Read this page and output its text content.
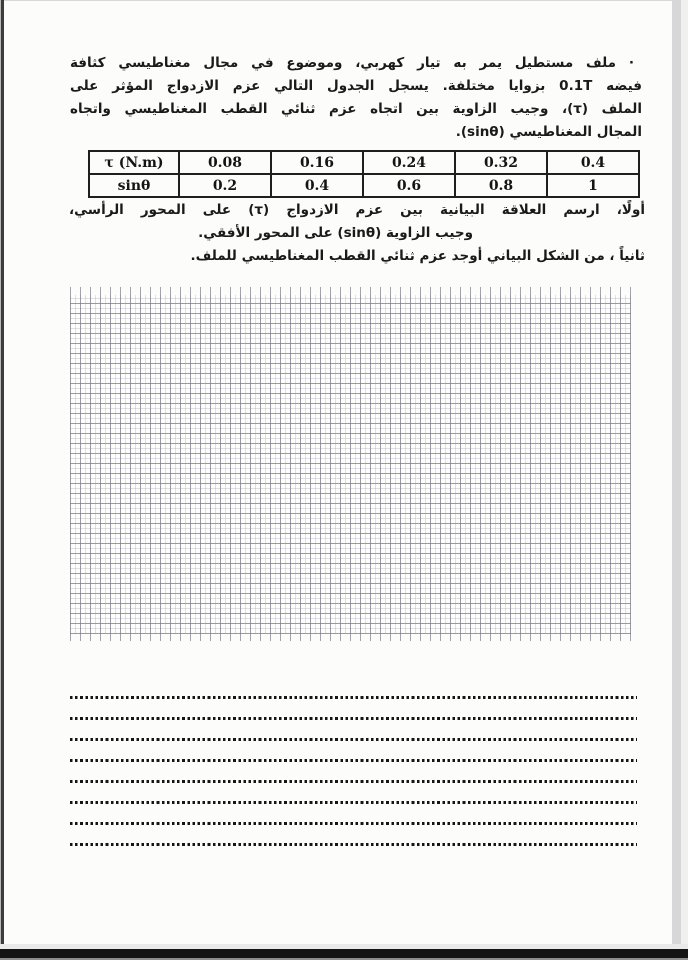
· ملف مستطيل يمر به تيار كهربي، وموضوع في مجال مغناطيسي كثافة
فيضه 0.1T بزوايا مختلفة. يسجل الجدول التالي عزم الازدواج المؤثر على
الملف (τ)، وجيب الزاوية بين اتجاه عزم ثنائي القطب المغناطيسي واتجاه
المجال المغناطيسي (sinθ).
τ (N.m)	0.08	0.16	0.24	0.32	0.4
sinθ	0.2	0.4	0.6	0.8	1
أولًا، ارسم العلاقة البيانية بين عزم الازدواج (τ) على المحور الرأسي،
وجيب الزاوية (sinθ) على المحور الأفقي.
ثانياً ، من الشكل البياني أوجد عزم ثنائي القطب المغناطيسي للملف.
